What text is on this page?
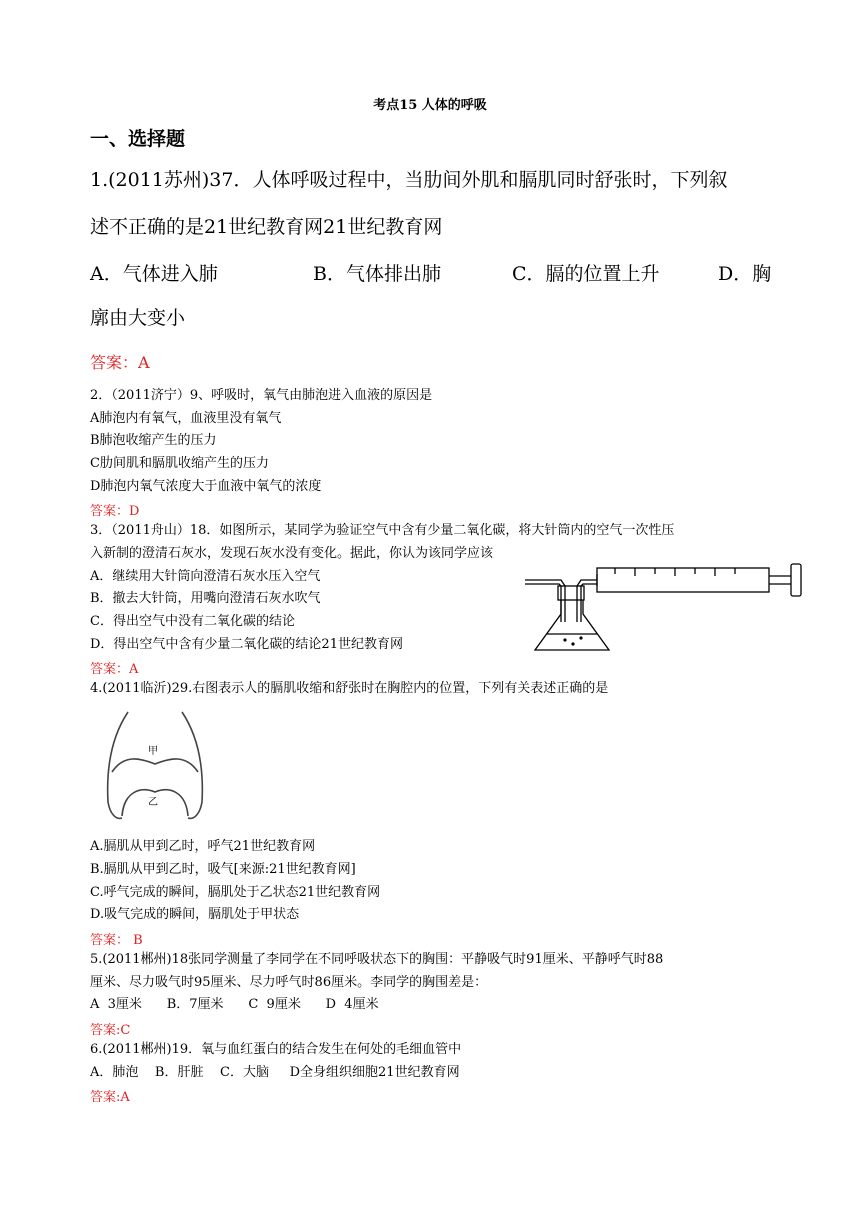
考点15 人体的呼吸
一、选择题
1.(2011苏州)37．人体呼吸过程中，当肋间外肌和膈肌同时舒张时，下列叙
述不正确的是21世纪教育网21世纪教育网
A．气体进入肺	B．气体排出肺	C．膈的位置上升	D．胸
廓由大变小
答案：A
2．（2011济宁）9、呼吸时，氧气由肺泡进入血液的原因是
A肺泡内有氧气，血液里没有氧气
B肺泡收缩产生的压力
C肋间肌和膈肌收缩产生的压力
D肺泡内氧气浓度大于血液中氧气的浓度
答案：D
3．（2011舟山）18．如图所示，某同学为验证空气中含有少量二氧化碳，将大针筒内的空气一次性压
入新制的澄清石灰水，发现石灰水没有变化。据此，你认为该同学应该
A．继续用大针筒向澄清石灰水压入空气
B．撤去大针筒，用嘴向澄清石灰水吹气
C．得出空气中没有二氧化碳的结论
D．得出空气中含有少量二氧化碳的结论21世纪教育网
答案：A
4.(2011临沂)29.右图表示人的膈肌收缩和舒张时在胸腔内的位置，下列有关表述正确的是
甲
乙
A.膈肌从甲到乙时，呼气21世纪教育网
B.膈肌从甲到乙时，吸气[来源:21世纪教育网]
C.呼气完成的瞬间，膈肌处于乙状态21世纪教育网
D.吸气完成的瞬间，膈肌处于甲状态
答案： B
5.(2011郴州)18张同学测量了李同学在不同呼吸状态下的胸围：平静吸气时91厘米、平静呼气时88
厘米、尽力吸气时95厘米、尽力呼气时86厘米。李同学的胸围差是：
A  3厘米      B．7厘米      C  9厘米      D  4厘米
答案:C
6.(2011郴州)19．氧与血红蛋白的结合发生在何处的毛细血管中
A．肺泡    B．肝脏    C．大脑     D全身组织细胞21世纪教育网
答案:A
